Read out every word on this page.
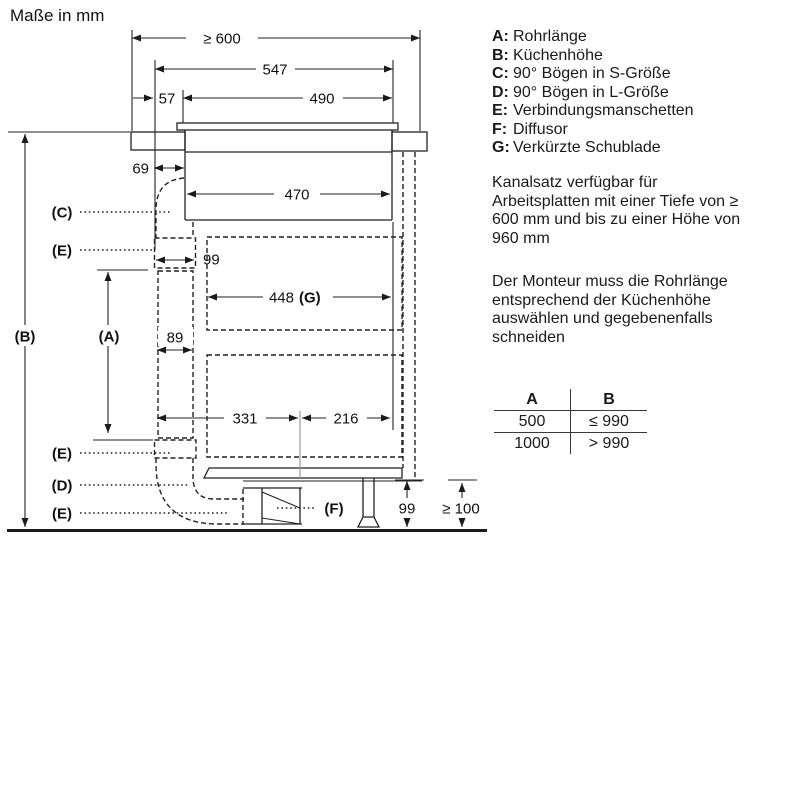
Maße in mm
≥ 600
547
57	490
69
470
99
448 (G)
89
331	216
99 ≥ 100
(C)
(E)
(B)	(A)
(E)
(D)
(E)	(F)
A: Rohrlänge
B: Küchenhöhe
C: 90° Bögen in S-Größe
D: 90° Bögen in L-Größe
E: Verbindungsmanschetten
F: Diffusor
G: Verkürzte Schublade
Kanalsatz verfügbar für Arbeitsplatten mit einer Tiefe von ≥ 600 mm und bis zu einer Höhe von 960 mm
Der Monteur muss die Rohrlänge entsprechend der Küchenhöhe auswählen und gegebenenfalls schneiden
A	B
500	≤ 990
1000	> 990
